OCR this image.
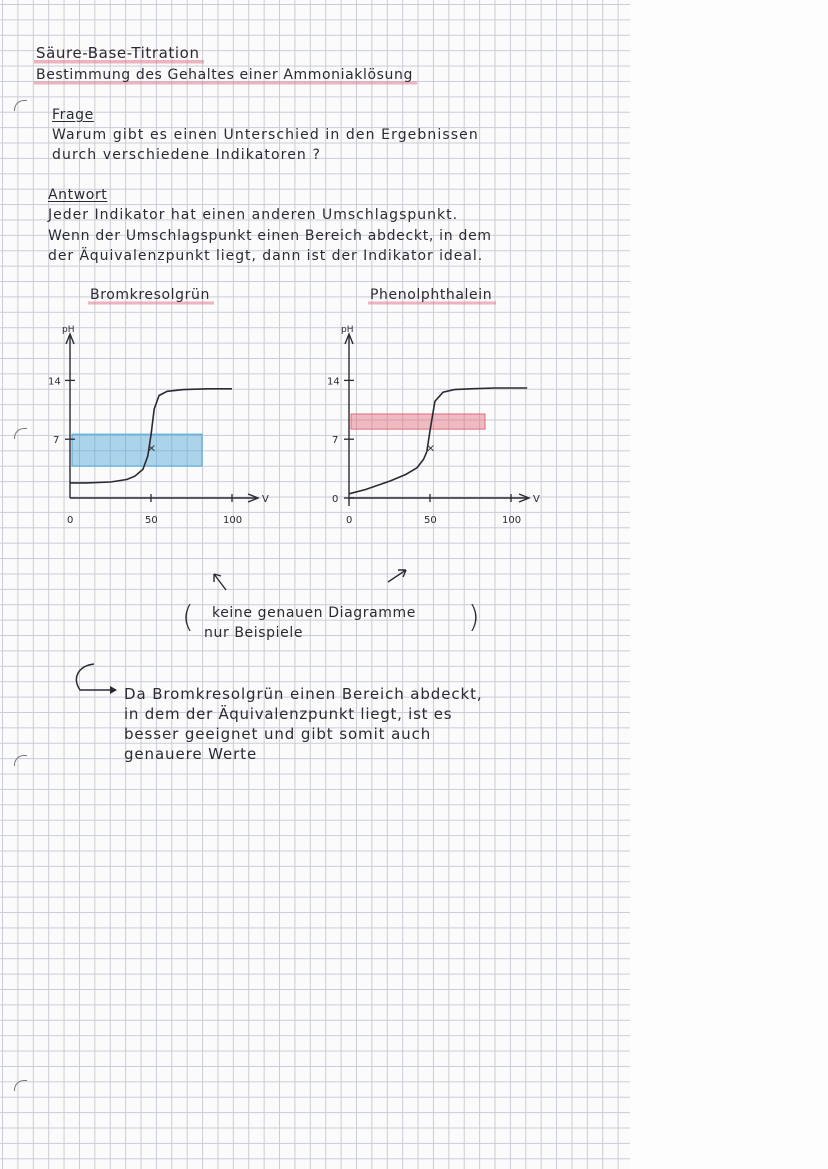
Säure-Base-Titration
Bestimmung des Gehaltes einer Ammoniaklösung
Frage
Warum gibt es einen Unterschied in den Ergebnissen
durch verschiedene Indikatoren ?
Antwort
Jeder Indikator hat einen anderen Umschlagspunkt.
Wenn der Umschlagspunkt einen Bereich abdeckt, in dem
der Äquivalenzpunkt liegt, dann ist der Indikator ideal.
Bromkresolgrün	Phenolphthalein
pH
V
×
0	50	100
7
14
pH
V
×
0	50	100
0
7
14
( keine genauen Diagramme )
nur Beispiele
Da Bromkresolgrün einen Bereich abdeckt,
in dem der Äquivalenzpunkt liegt, ist es
besser geeignet und gibt somit auch
genauere Werte
